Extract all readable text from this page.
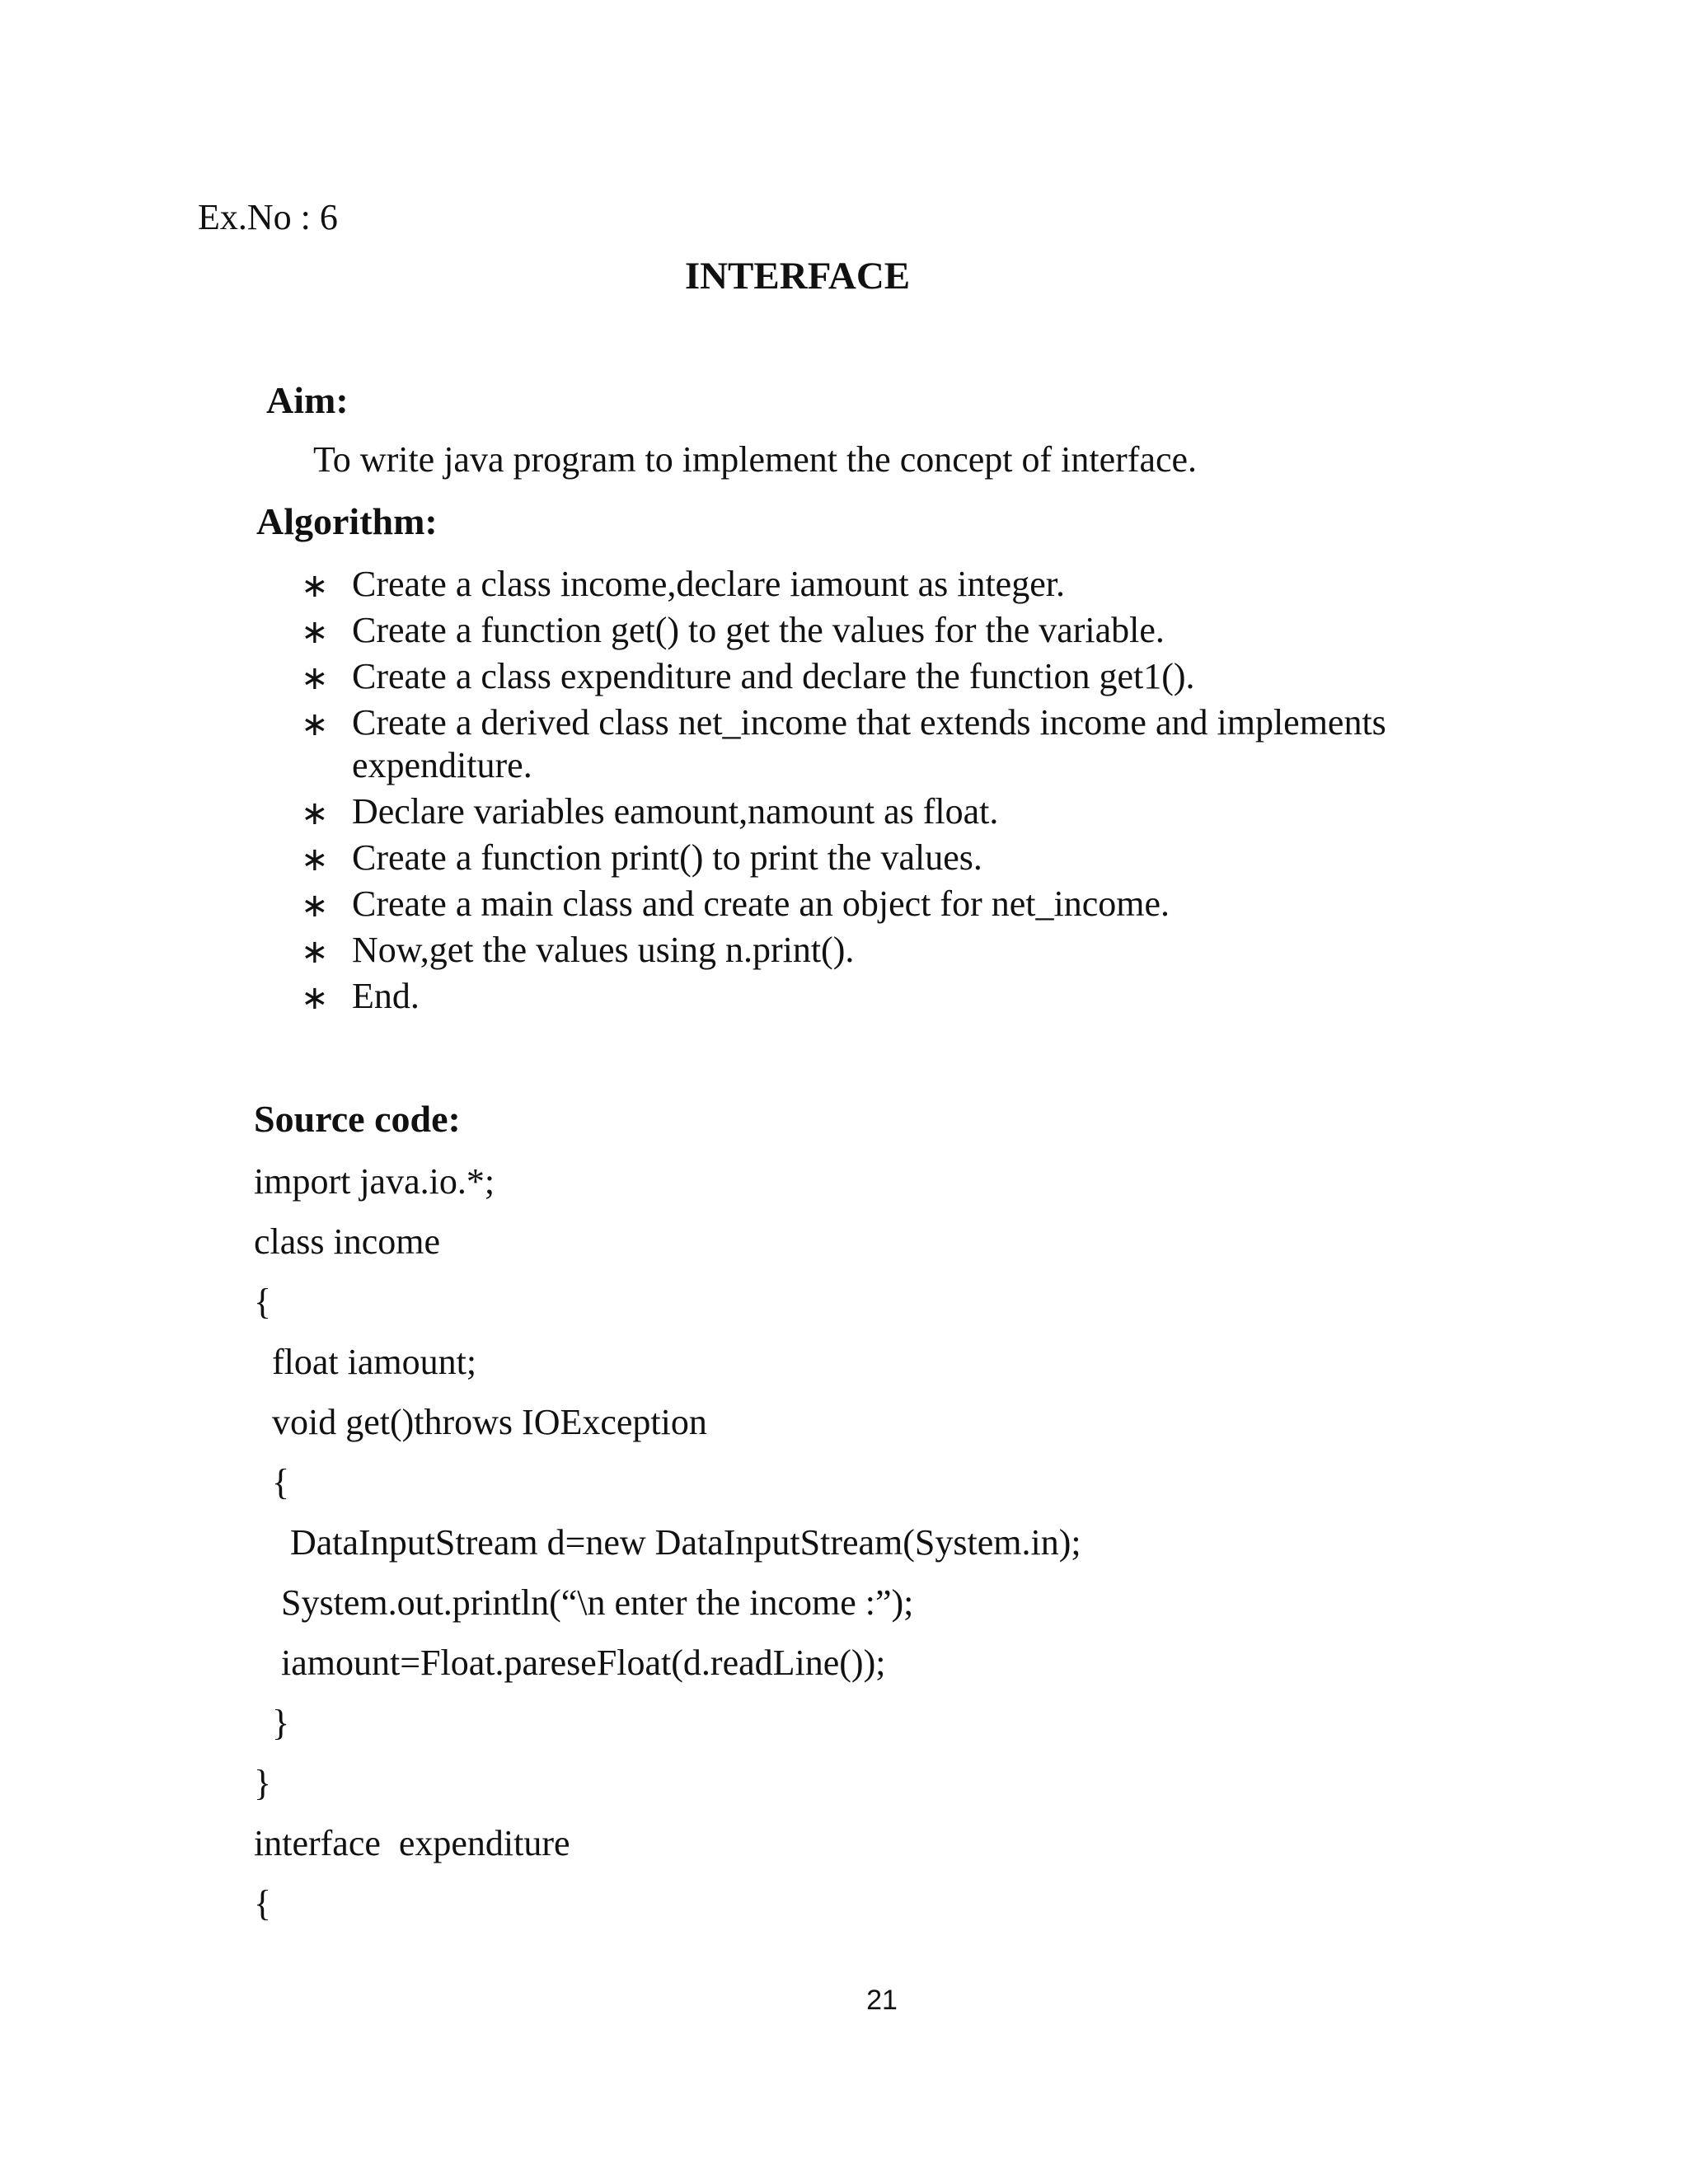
Ex.No : 6
INTERFACE
Aim:
To write java program to implement the concept of interface.
Algorithm:
∗ Create a class income,declare iamount as integer.
∗ Create a function get() to get the values for the variable.
∗ Create a class expenditure and declare the function get1().
∗ Create a derived class net_income that extends income and implements expenditure.
∗ Declare variables eamount,namount as float.
∗ Create a function print() to print the values.
∗ Create a main class and create an object for net_income.
∗ Now,get the values using n.print().
∗ End.
Source code:
import java.io.*;
class income
{
float iamount;
void get()throws IOException
{
DataInputStream d=new DataInputStream(System.in);
System.out.println(“\n enter the income :”);
iamount=Float.pareseFloat(d.readLine());
}
}
interface  expenditure
{
21
